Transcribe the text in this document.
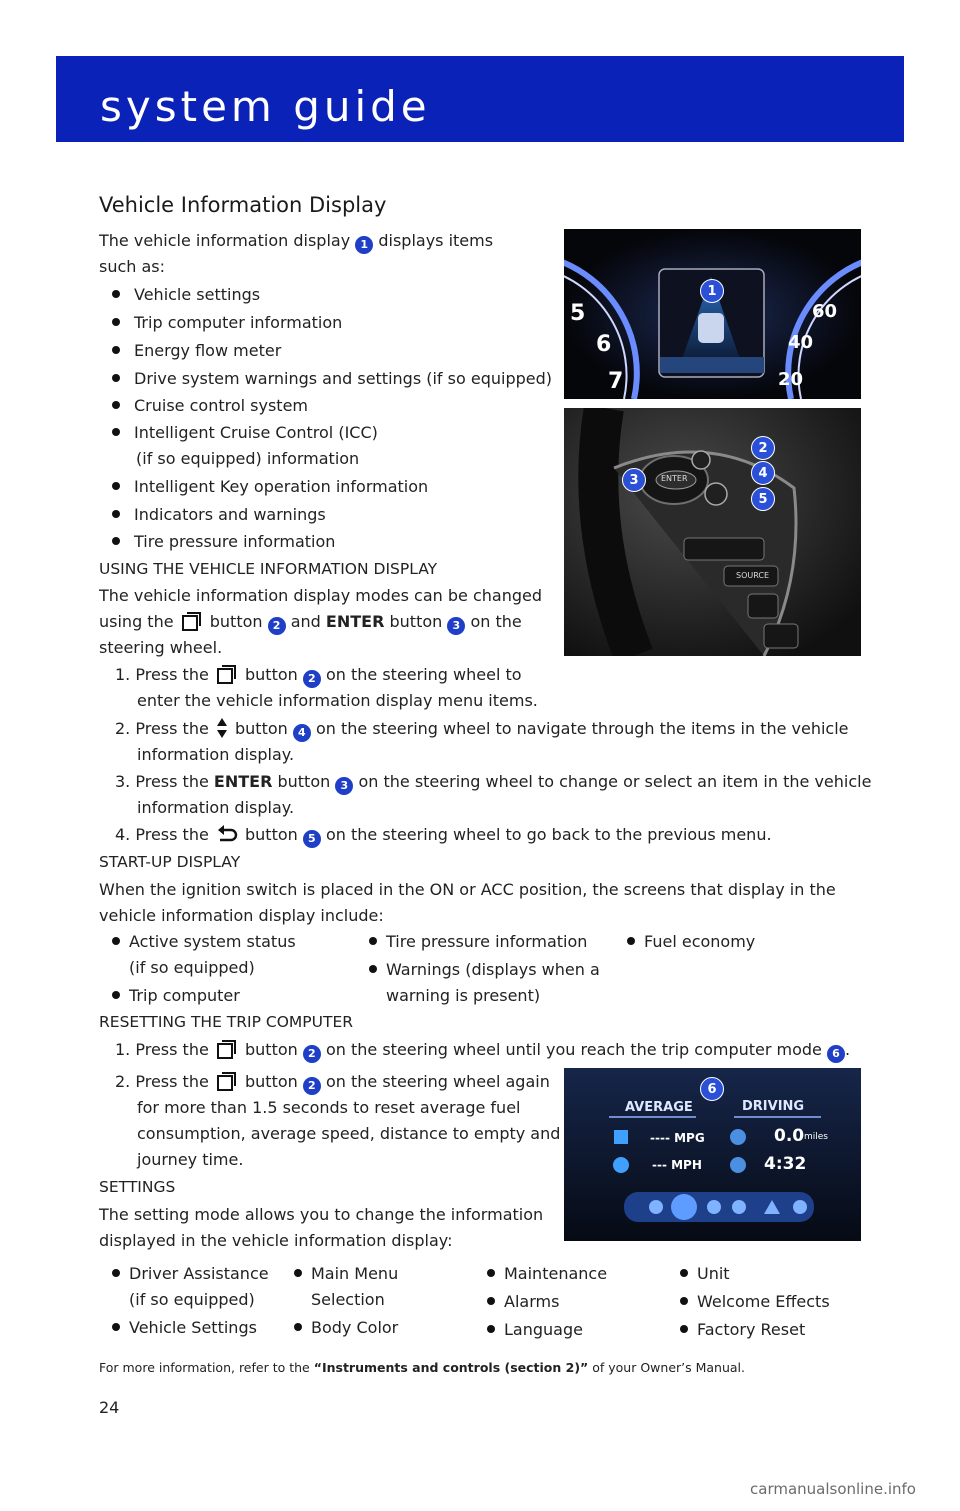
system guide
Vehicle Information Display
The vehicle information display 1 displays items
such as:
Vehicle settings
Trip computer information
Energy flow meter
Drive system warnings and settings (if so equipped)
Cruise control system
Intelligent Cruise Control (ICC)
(if so equipped) information
Intelligent Key operation information
Indicators and warnings
Tire pressure information
USING THE VEHICLE INFORMATION DISPLAY
The vehicle information display modes can be changed
using the button 2 and ENTER button 3 on the
steering wheel.
1. Press the button 2 on the steering wheel to
enter the vehicle information display menu items.
2. Press the button 4 on the steering wheel to navigate through the items in the vehicle
information display.
3. Press the ENTER button 3 on the steering wheel to change or select an item in the vehicle
information display.
4. Press the button 5 on the steering wheel to go back to the previous menu.
START-UP DISPLAY
When the ignition switch is placed in the ON or ACC position, the screens that display in the
vehicle information display include:
Active system status
(if so equipped)
Trip computer
Tire pressure information
Warnings (displays when a
warning is present)
Fuel economy
RESETTING THE TRIP COMPUTER
1. Press the button 2 on the steering wheel until you reach the trip computer mode 6 .
2. Press the button 2 on the steering wheel again
for more than 1.5 seconds to reset average fuel
consumption, average speed, distance to empty and
journey time.
SETTINGS
The setting mode allows you to change the information
displayed in the vehicle information display:
Driver Assistance
(if so equipped)
Vehicle Settings
Main Menu
Selection
Body Color
Maintenance
Alarms
Language
Unit
Welcome Effects
Factory Reset
For more information, refer to the “Instruments and controls (section 2)” of your Owner’s Manual.
24
carmanualsonline.info
5
6
7
60
40
20
1
ENTER
SOURCE
2
4
3
5
AVERAGE	DRIVING
---- MPG
--- MPH
0.0 miles
4:32
6
